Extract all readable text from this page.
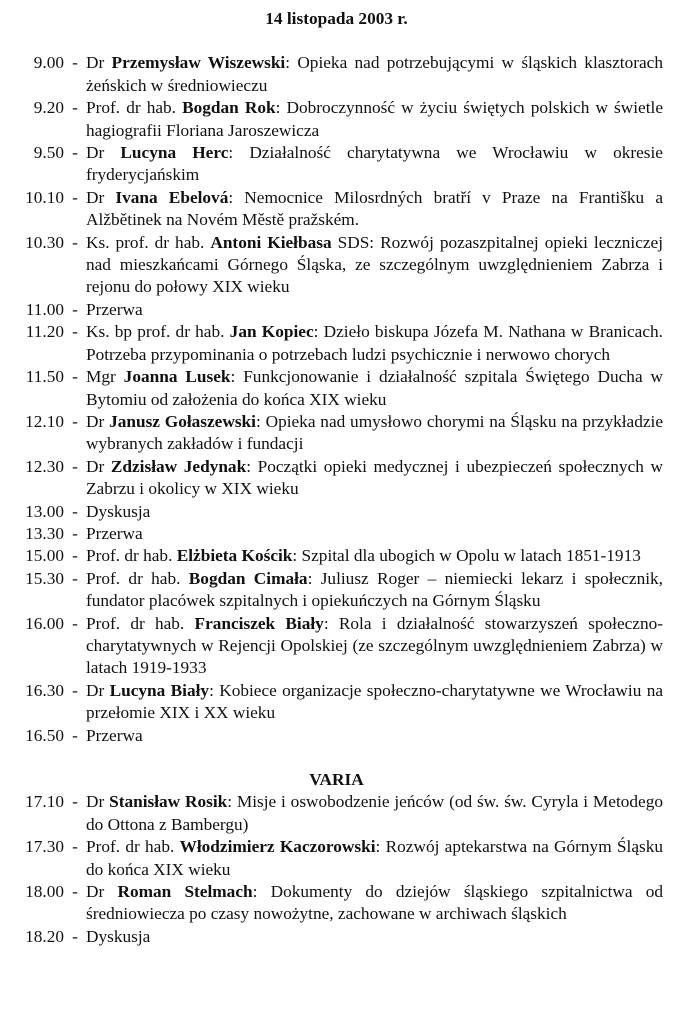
14 listopada 2003 r.
9.00 - Dr Przemysław Wiszewski: Opieka nad potrzebującymi w śląskich klasztorach żeńskich w średniowieczu
9.20 - Prof. dr hab. Bogdan Rok: Dobroczynność w życiu świętych polskich w świetle hagiografii Floriana Jaroszewicza
9.50 - Dr Lucyna Herc: Działalność charytatywna we Wrocławiu w okresie fryderycjańskim
10.10 - Dr Ivana Ebelová: Nemocnice Milosrdných bratří v Praze na Františku a Alžbětinek na Novém Městě pražském.
10.30 - Ks. prof. dr hab. Antoni Kiełbasa SDS: Rozwój pozaszpitalnej opieki leczniczej nad mieszkańcami Górnego Śląska, ze szczególnym uwzględnieniem Zabrza i rejonu do połowy XIX wieku
11.00 - Przerwa
11.20 - Ks. bp prof. dr hab. Jan Kopiec: Dzieło biskupa Józefa M. Nathana w Branicach. Potrzeba przypominania o potrzebach ludzi psychicznie i nerwowo chorych
11.50 - Mgr Joanna Lusek: Funkcjonowanie i działalność szpitala Świętego Ducha w Bytomiu od założenia do końca XIX wieku
12.10 - Dr Janusz Gołaszewski: Opieka nad umysłowo chorymi na Śląsku na przykładzie wybranych zakładów i fundacji
12.30 - Dr Zdzisław Jedynak: Początki opieki medycznej i ubezpieczeń społecznych w Zabrzu i okolicy w XIX wieku
13.00 - Dyskusja
13.30 - Przerwa
15.00 - Prof. dr hab. Elżbieta Kościk: Szpital dla ubogich w Opolu w latach 1851-1913
15.30 - Prof. dr hab. Bogdan Cimała: Juliusz Roger – niemiecki lekarz i społecznik, fundator placówek szpitalnych i opiekuńczych na Górnym Śląsku
16.00 - Prof. dr hab. Franciszek Biały: Rola i działalność stowarzyszeń społeczno-charytatywnych w Rejencji Opolskiej (ze szczególnym uwzględnieniem Zabrza) w latach 1919-1933
16.30 - Dr Lucyna Biały: Kobiece organizacje społeczno-charytatywne we Wrocławiu na przełomie XIX i XX wieku
16.50 - Przerwa
VARIA
17.10 - Dr Stanisław Rosik: Misje i oswobodzenie jeńców (od św. św. Cyryla i Metodego do Ottona z Bambergu)
17.30 - Prof. dr hab. Włodzimierz Kaczorowski: Rozwój aptekarstwa na Górnym Śląsku do końca XIX wieku
18.00 - Dr Roman Stelmach: Dokumenty do dziejów śląskiego szpitalnictwa od średniowiecza po czasy nowożytne, zachowane w archiwach śląskich
18.20 - Dyskusja
